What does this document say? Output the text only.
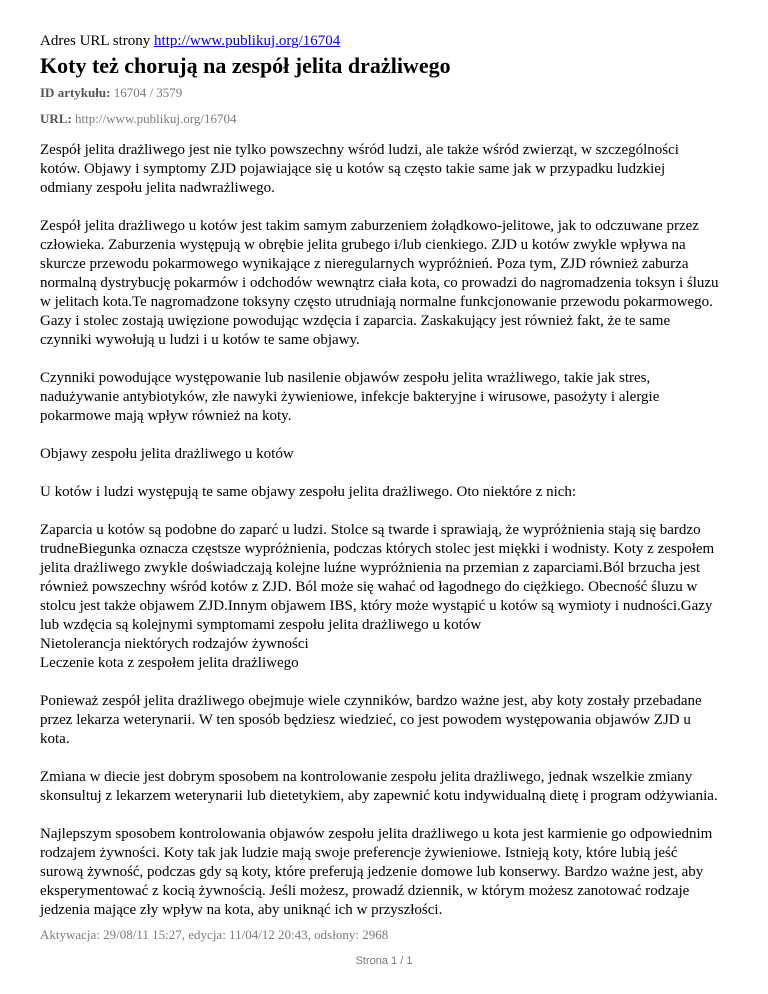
Adres URL strony http://www.publikuj.org/16704
Koty też chorują na zespół jelita drażliwego
ID artykułu: 16704 / 3579
URL: http://www.publikuj.org/16704

Zespół jelita drażliwego jest nie tylko powszechny wśród ludzi, ale także wśród zwierząt, w szczególności kotów. Objawy i symptomy ZJD pojawiające się u kotów są często takie same jak w przypadku ludzkiej odmiany zespołu jelita nadwrażliwego.

Zespół jelita drażliwego u kotów jest takim samym zaburzeniem żołądkowo-jelitowe, jak to odczuwane przez człowieka. Zaburzenia występują w obrębie jelita grubego i/lub cienkiego. ZJD u kotów zwykle wpływa na skurcze przewodu pokarmowego wynikające z nieregularnych wypróżnień. Poza tym, ZJD również zaburza normalną dystrybucję pokarmów i odchodów wewnątrz ciała kota, co prowadzi do nagromadzenia toksyn i śluzu w jelitach kota.Te nagromadzone toksyny często utrudniają normalne funkcjonowanie przewodu pokarmowego. Gazy i stolec zostają uwięzione powodując wzdęcia i zaparcia. Zaskakujący jest również fakt, że te same czynniki wywołują u ludzi i u kotów te same objawy.

Czynniki powodujące występowanie lub nasilenie objawów zespołu jelita wrażliwego, takie jak stres, nadużywanie antybiotyków, złe nawyki żywieniowe, infekcje bakteryjne i wirusowe, pasożyty i alergie pokarmowe mają wpływ również na koty.

Objawy zespołu jelita drażliwego u kotów

U kotów i ludzi występują te same objawy zespołu jelita drażliwego. Oto niektóre z nich:

Zaparcia u kotów są podobne do zaparć u ludzi. Stolce są twarde i sprawiają, że wypróżnienia stają się bardzo trudneBiegunka oznacza częstsze wypróżnienia, podczas których stolec jest miękki i wodnisty. Koty z zespołem jelita drażliwego zwykle doświadczają kolejne luźne wypróżnienia na przemian z zaparciami.Ból brzucha jest również powszechny wśród kotów z ZJD. Ból może się wahać od łagodnego do ciężkiego. Obecność śluzu w stolcu jest także objawem ZJD.Innym objawem IBS, który może wystąpić u kotów są wymioty i nudności.Gazy lub wzdęcia są kolejnymi symptomami zespołu jelita drażliwego u kotów

Nietolerancja niektórych rodzajów żywności

Leczenie kota z zespołem jelita drażliwego

Ponieważ zespół jelita drażliwego obejmuje wiele czynników, bardzo ważne jest, aby koty zostały przebadane przez lekarza weterynarii. W ten sposób będziesz wiedzieć, co jest powodem występowania objawów ZJD u kota.

Zmiana w diecie jest dobrym sposobem na kontrolowanie zespołu jelita drażliwego, jednak wszelkie zmiany skonsultuj z lekarzem weterynarii lub dietetykiem, aby zapewnić kotu indywidualną dietę i program odżywiania.

Najlepszym sposobem kontrolowania objawów zespołu jelita drażliwego u kota jest karmienie go odpowiednim rodzajem żywności. Koty tak jak ludzie mają swoje preferencje żywieniowe. Istnieją koty, które lubią jeść surową żywność, podczas gdy są koty, które preferują jedzenie domowe lub konserwy. Bardzo ważne jest, aby eksperymentować z kocią żywnością. Jeśli możesz, prowadź dziennik, w którym możesz zanotować rodzaje jedzenia mające zły wpływ na kota, aby uniknąć ich w przyszłości.

Aktywacja: 29/08/11 15:27, edycja: 11/04/12 20:43, odsłony: 2968
Strona 1 / 1
